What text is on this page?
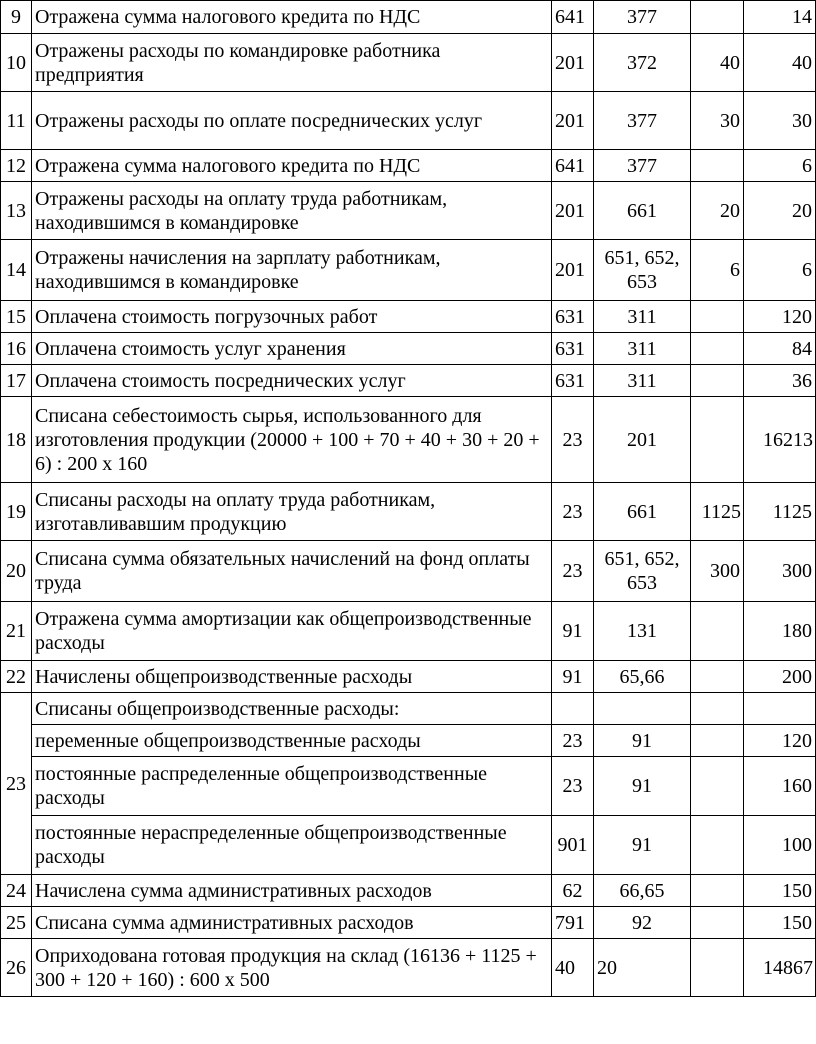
9	Отражена сумма налогового кредита по НДС	641	377		14
10	Отражены расходы по командировке работника предприятия	201	372	40	40
11	Отражены расходы по оплате посреднических услуг	201	377	30	30
12	Отражена сумма налогового кредита по НДС	641	377		6
13	Отражены расходы на оплату труда работникам, находившимся в командировке	201	661	20	20
14	Отражены начисления на зарплату работникам, находившимся в командировке	201	651, 652, 653	6	6
15	Оплачена стоимость погрузочных работ	631	311		120
16	Оплачена стоимость услуг хранения	631	311		84
17	Оплачена стоимость посреднических услуг	631	311		36
18	Списана себестоимость сырья, использованного для изготовления продукции (20000 + 100 + 70 + 40 + 30 + 20 + 6) : 200 х 160	23	201		16213
19	Списаны расходы на оплату труда работникам, изготавливавшим продукцию	23	661	1125	1125
20	Списана сумма обязательных начислений на фонд оплаты труда	23	651, 652, 653	300	300
21	Отражена сумма амортизации как общепроизводственные расходы	91	131		180
22	Начислены общепроизводственные расходы	91	65,66		200
23	Списаны общепроизводственные расходы:				
	переменные общепроизводственные расходы	23	91		120
	постоянные распределенные общепроизводственные расходы	23	91		160
	постоянные нераспределенные общепроизводственные расходы	901	91		100
24	Начислена сумма административных расходов	62	66,65		150
25	Списана сумма административных расходов	791	92		150
26	Оприходована готовая продукция на склад (16136 + 1125 + 300 + 120 + 160) : 600 х 500	40	20		14867
